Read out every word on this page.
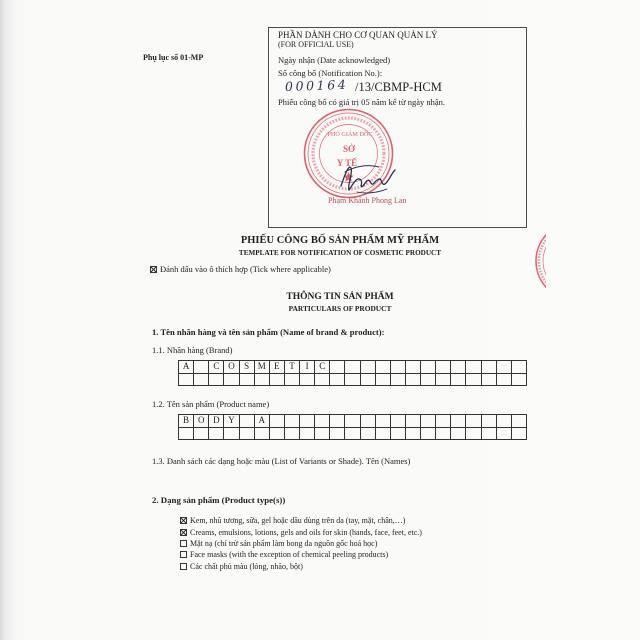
Phụ lục số 01-MP
PHẦN DÀNH CHO CƠ QUAN QUẢN LÝ
(FOR OFFICIAL USE)
Ngày nhận (Date acknowledged)
Số công bố (Notification No.):
000164 /13/CBMP-HCM
Phiếu công bố có giá trị 05 năm kể từ ngày nhận.
PHÓ GIÁM ĐỐC
SỞ
Y TẾ
Phạm Khánh Phong Lan
PHIẾU CÔNG BỐ SẢN PHẨM MỸ PHẨM
TEMPLATE FOR NOTIFICATION OF COSMETIC PRODUCT
Đánh dấu vào ô thích hợp (Tick where applicable)
THÔNG TIN SẢN PHẨM
PARTICULARS OF PRODUCT
1. Tên nhãn hàng và tên sản phẩm (Name of brand & product):
1.1. Nhãn hàng (Brand)
A	C O	S M E	T	I	C
1.2. Tên sản phẩm (Product name)
B O D Y	A
1.3. Danh sách các dạng hoặc màu (List of Variants or Shade). Tên (Names)
2. Dạng sản phẩm (Product type(s))
Kem, nhũ tương, sữa, gel hoặc dầu dùng trên da (tay, mặt, chân,…)
Creams, emulsions, lotions, gels and oils for skin (hands, face, feet, etc.)
Mặt nạ (chỉ trừ sản phẩm làm bong da nguồn gốc hoá học)
Face masks (with the exception of chemical peeling products)
Các chất phủ màu (lỏng, nhão, bột)
